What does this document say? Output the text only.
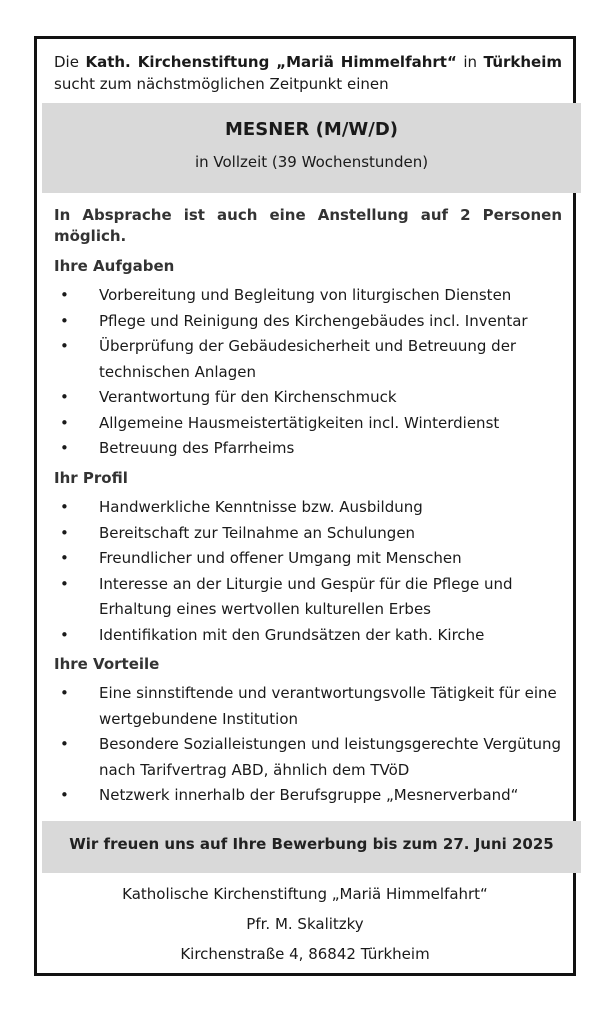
Die Kath. Kirchenstiftung „Mariä Himmelfahrt“ in Türkheim sucht zum nächstmöglichen Zeitpunkt einen

MESNER (M/W/D)
in Vollzeit (39 Wochenstunden)

In Absprache ist auch eine Anstellung auf 2 Personen möglich.

Ihre Aufgaben
• Vorbereitung und Begleitung von liturgischen Diensten
• Pflege und Reinigung des Kirchengebäudes incl. Inventar
• Überprüfung der Gebäudesicherheit und Betreuung der technischen Anlagen
• Verantwortung für den Kirchenschmuck
• Allgemeine Hausmeistertätigkeiten incl. Winterdienst
• Betreuung des Pfarrheims
Ihr Profil
• Handwerkliche Kenntnisse bzw. Ausbildung
• Bereitschaft zur Teilnahme an Schulungen
• Freundlicher und offener Umgang mit Menschen
• Interesse an der Liturgie und Gespür für die Pflege und Erhaltung eines wertvollen kulturellen Erbes
• Identifikation mit den Grundsätzen der kath. Kirche
Ihre Vorteile
• Eine sinnstiftende und verantwortungsvolle Tätigkeit für eine wertgebundene Institution
• Besondere Sozialleistungen und leistungsgerechte Vergütung nach Tarifvertrag ABD, ähnlich dem TVöD
• Netzwerk innerhalb der Berufsgruppe „Mesnerverband“
Wir freuen uns auf Ihre Bewerbung bis zum 27. Juni 2025
Katholische Kirchenstiftung „Mariä Himmelfahrt“
Pfr. M. Skalitzky
Kirchenstraße 4, 86842 Türkheim
